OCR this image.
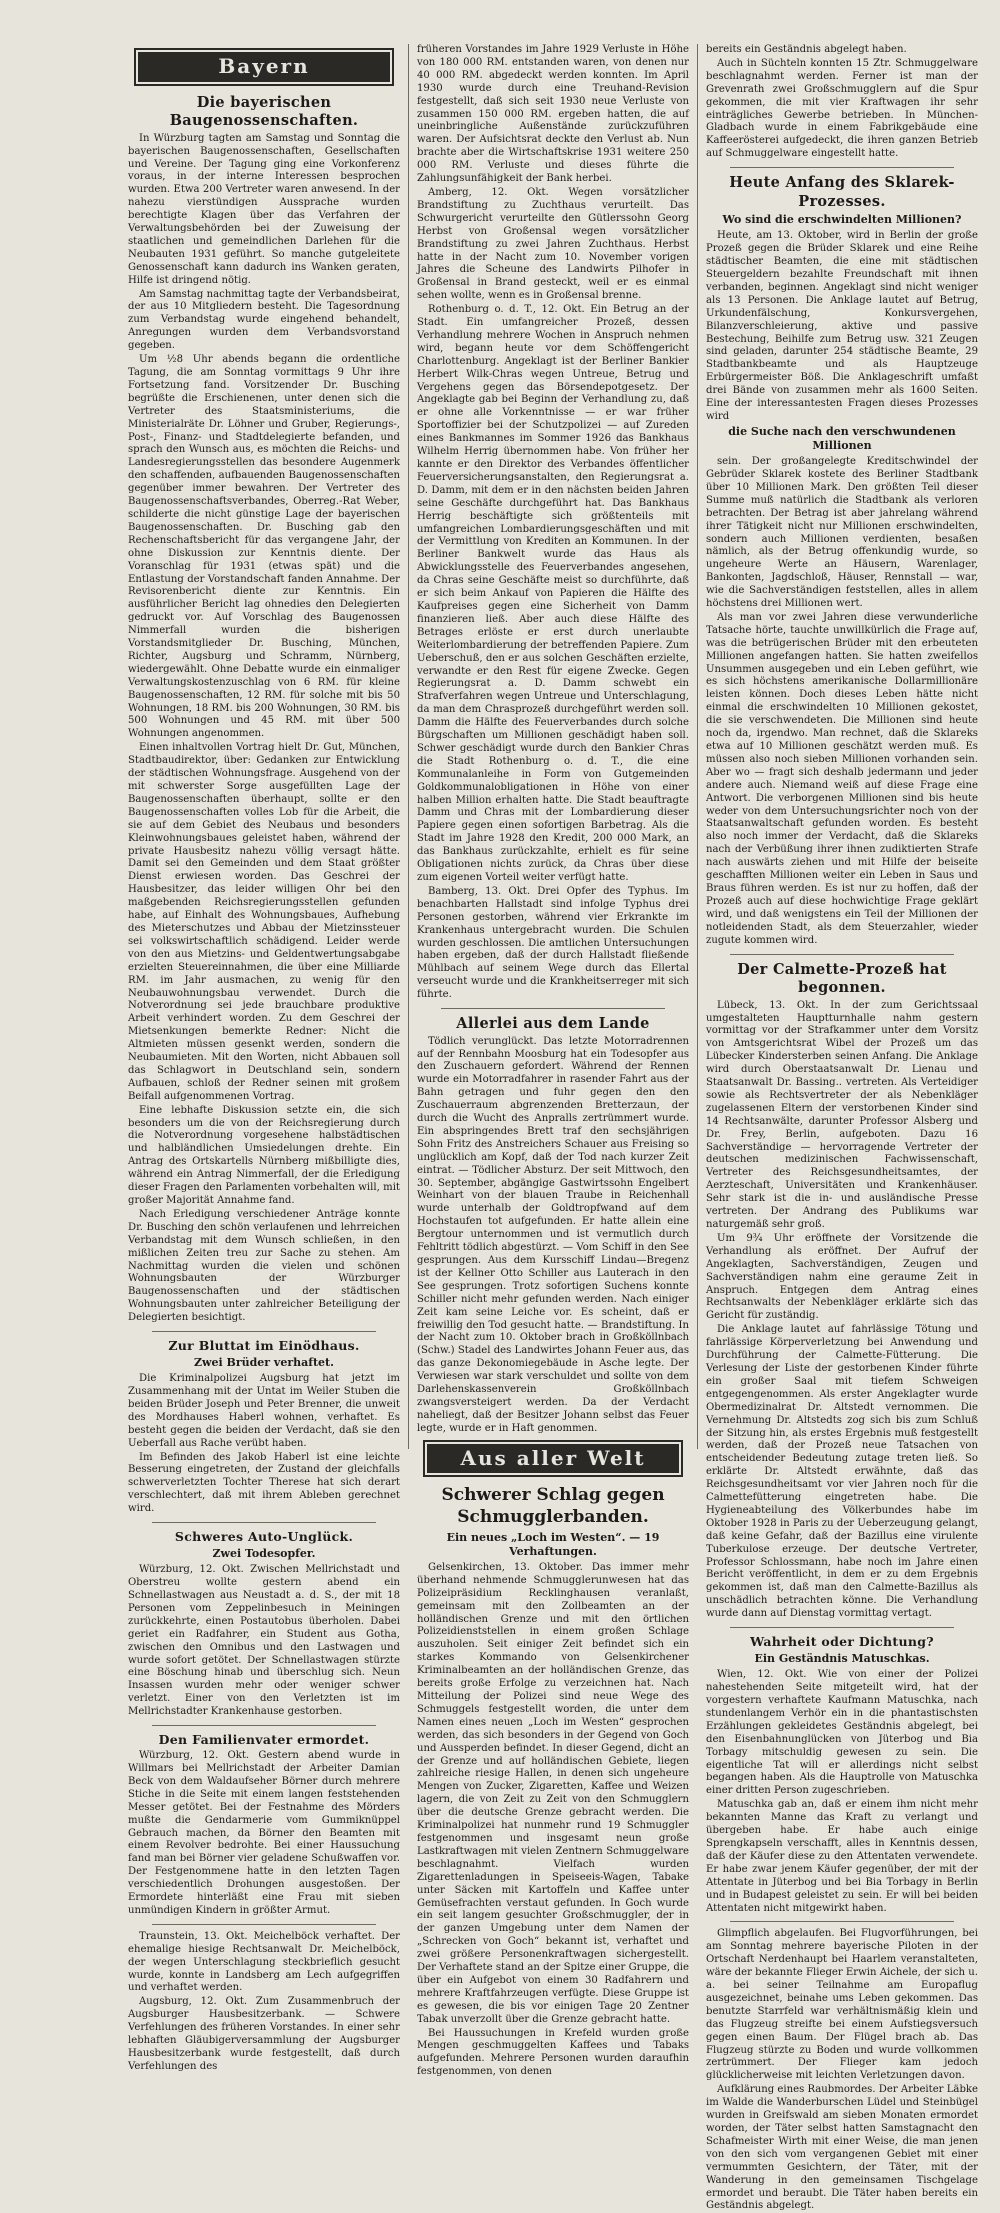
Bayern
Die bayerischen Baugenossenschaften.

In Würzburg tagten am Samstag und Sonntag die bayerischen Baugenossenschaften, Gesellschaften und Vereine. Der Tagung ging eine Vorkonferenz voraus, in der interne Interessen besprochen wurden. Etwa 200 Vertreter waren anwesend. In der nahezu vierstündigen Aussprache wurden berechtigte Klagen über das Verfahren der Verwaltungsbehörden bei der Zuweisung der staatlichen und gemeindlichen Darlehen für die Neubauten 1931 geführt. So manche gutgeleitete Genossenschaft kann dadurch ins Wanken geraten, Hilfe ist dringend nötig.

Am Samstag nachmittag tagte der Verbandsbeirat, der aus 10 Mitgliedern besteht. Die Tagesordnung zum Verbandstag wurde eingehend behandelt, Anregungen wurden dem Verbandsvorstand gegeben.

Um ½8 Uhr abends begann die ordentliche Tagung, die am Sonntag vormittags 9 Uhr ihre Fortsetzung fand. Vorsitzender Dr. Busching begrüßte die Erschienenen, unter denen sich die Vertreter des Staatsministeriums, die Ministerialräte Dr. Löhner und Gruber, Regierungs-, Post-, Finanz- und Stadtdelegierte befanden, und sprach den Wunsch aus, es möchten die Reichs- und Landesregierungsstellen das besondere Augenmerk den schaffenden, aufbauenden Baugenossenschaften gegenüber immer bewahren. Der Vertreter des Baugenossenschaftsverbandes, Oberreg.-Rat Weber, schilderte die nicht günstige Lage der bayerischen Baugenossenschaften. Dr. Busching gab den Rechenschaftsbericht für das vergangene Jahr, der ohne Diskussion zur Kenntnis diente. Der Voranschlag für 1931 (etwas spät) und die Entlastung der Vorstandschaft fanden Annahme. Der Revisorenbericht diente zur Kenntnis. Ein ausführlicher Bericht lag ohnedies den Delegierten gedruckt vor. Auf Vorschlag des Baugenossen Nimmerfall wurden die bisherigen Vorstandsmitglieder Dr. Busching, München, Richter, Augsburg und Schramm, Nürnberg, wiedergewählt. Ohne Debatte wurde ein einmaliger Verwaltungskostenzuschlag von 6 RM. für kleine Baugenossenschaften, 12 RM. für solche mit bis 50 Wohnungen, 18 RM. bis 200 Wohnungen, 30 RM. bis 500 Wohnungen und 45 RM. mit über 500 Wohnungen angenommen.

Einen inhaltvollen Vortrag hielt Dr. Gut, München, Stadtbaudirektor, über: Gedanken zur Entwicklung der städtischen Wohnungsfrage. Ausgehend von der mit schwerster Sorge ausgefüllten Lage der Baugenossenschaften überhaupt, sollte er den Baugenossenschaften volles Lob für die Arbeit, die sie auf dem Gebiet des Neubaus und besonders Kleinwohnungsbaues geleistet haben, während der private Hausbesitz nahezu völlig versagt hätte. Damit sei den Gemeinden und dem Staat größter Dienst erwiesen worden. Das Geschrei der Hausbesitzer, das leider willigen Ohr bei den maßgebenden Reichsregierungsstellen gefunden habe, auf Einhalt des Wohnungsbaues, Aufhebung des Mieterschutzes und Abbau der Mietzinssteuer sei volkswirtschaftlich schädigend. Leider werde von den aus Mietzins- und Geldentwertungsabgabe erzielten Steuereinnahmen, die über eine Milliarde RM. im Jahr ausmachen, zu wenig für den Neubauwohnungsbau verwendet. Durch die Notverordnung sei jede brauchbare produktive Arbeit verhindert worden. Zu dem Geschrei der Mietsenkungen bemerkte Redner: Nicht die Altmieten müssen gesenkt werden, sondern die Neubaumieten. Mit den Worten, nicht Abbauen soll das Schlagwort in Deutschland sein, sondern Aufbauen, schloß der Redner seinen mit großem Beifall aufgenommenen Vortrag.

Eine lebhafte Diskussion setzte ein, die sich besonders um die von der Reichsregierung durch die Notverordnung vorgesehene halbstädtischen und halbländlichen Umsiedelungen drehte. Ein Antrag des Ortskartells Nürnberg mißbilligte dies, während ein Antrag Nimmerfall, der die Erledigung dieser Fragen den Parlamenten vorbehalten will, mit großer Majorität Annahme fand.

Nach Erledigung verschiedener Anträge konnte Dr. Busching den schön verlaufenen und lehrreichen Verbandstag mit dem Wunsch schließen, in den mißlichen Zeiten treu zur Sache zu stehen. Am Nachmittag wurden die vielen und schönen Wohnungsbauten der Würzburger Baugenossenschaften und der städtischen Wohnungsbauten unter zahlreicher Beteiligung der Delegierten besichtigt.

Zur Bluttat im Einödhaus.
Zwei Brüder verhaftet.

Die Kriminalpolizei Augsburg hat jetzt im Zusammenhang mit der Untat im Weiler Stuben die beiden Brüder Joseph und Peter Brenner, die unweit des Mordhauses Haberl wohnen, verhaftet. Es besteht gegen die beiden der Verdacht, daß sie den Ueberfall aus Rache verübt haben.

Im Befinden des Jakob Haberl ist eine leichte Besserung eingetreten, der Zustand der gleichfalls schwerverletzten Tochter Therese hat sich derart verschlechtert, daß mit ihrem Ableben gerechnet wird.

Schweres Auto-Unglück.
Zwei Todesopfer.

Würzburg, 12. Okt. Zwischen Mellrichstadt und Oberstreu wollte gestern abend ein Schnellastwagen aus Neustadt a. d. S., der mit 18 Personen vom Zeppelinbesuch in Meiningen zurückkehrte, einen Postautobus überholen. Dabei geriet ein Radfahrer, ein Student aus Gotha, zwischen den Omnibus und den Lastwagen und wurde sofort getötet. Der Schnellastwagen stürzte eine Böschung hinab und überschlug sich. Neun Insassen wurden mehr oder weniger schwer verletzt. Einer von den Verletzten ist im Mellrichstadter Krankenhause gestorben.

Den Familienvater ermordet.

Würzburg, 12. Okt. Gestern abend wurde in Willmars bei Mellrichstadt der Arbeiter Damian Beck von dem Waldaufseher Börner durch mehrere Stiche in die Seite mit einem langen feststehenden Messer getötet. Bei der Festnahme des Mörders mußte die Gendarmerie vom Gummiknüppel Gebrauch machen, da Börner den Beamten mit einem Revolver bedrohte. Bei einer Haussuchung fand man bei Börner vier geladene Schußwaffen vor. Der Festgenommene hatte in den letzten Tagen verschiedentlich Drohungen ausgestoßen. Der Ermordete hinterläßt eine Frau mit sieben unmündigen Kindern in größter Armut.

Traunstein, 13. Okt. Meichelböck verhaftet. Der ehemalige hiesige Rechtsanwalt Dr. Meichelböck, der wegen Unterschlagung steckbrieflich gesucht wurde, konnte in Landsberg am Lech aufgegriffen und verhaftet werden.

Augsburg, 12. Okt. Zum Zusammenbruch der Augsburger Hausbesitzerbank. — Schwere Verfehlungen des früheren Vorstandes. In einer sehr lebhaften Gläubigerversammlung der Augsburger Hausbesitzerbank wurde festgestellt, daß durch Verfehlungen des

früheren Vorstandes im Jahre 1929 Verluste in Höhe von 180 000 RM. entstanden waren, von denen nur 40 000 RM. abgedeckt werden konnten. Im April 1930 wurde durch eine Treuhand-Revision festgestellt, daß sich seit 1930 neue Verluste von zusammen 150 000 RM. ergeben hatten, die auf uneinbringliche Außenstände zurückzuführen waren. Der Aufsichtsrat deckte den Verlust ab. Nun brachte aber die Wirtschaftskrise 1931 weitere 250 000 RM. Verluste und dieses führte die Zahlungsunfähigkeit der Bank herbei.

Amberg, 12. Okt. Wegen vorsätzlicher Brandstiftung zu Zuchthaus verurteilt. Das Schwurgericht verurteilte den Gütlerssohn Georg Herbst von Großensal wegen vorsätzlicher Brandstiftung zu zwei Jahren Zuchthaus. Herbst hatte in der Nacht zum 10. November vorigen Jahres die Scheune des Landwirts Pilhofer in Großensal in Brand gesteckt, weil er es einmal sehen wollte, wenn es in Großensal brenne.

Rothenburg o. d. T., 12. Okt. Ein Betrug an der Stadt. Ein umfangreicher Prozeß, dessen Verhandlung mehrere Wochen in Anspruch nehmen wird, begann heute vor dem Schöffengericht Charlottenburg. Angeklagt ist der Berliner Bankier Herbert Wilk-Chras wegen Untreue, Betrug und Vergehens gegen das Börsendepotgesetz. Der Angeklagte gab bei Beginn der Verhandlung zu, daß er ohne alle Vorkenntnisse — er war früher Sportoffizier bei der Schutzpolizei — auf Zureden eines Bankmannes im Sommer 1926 das Bankhaus Wilhelm Herrig übernommen habe. Von früher her kannte er den Direktor des Verbandes öffentlicher Feuerversicherungsanstalten, den Regierungsrat a. D. Damm, mit dem er in den nächsten beiden Jahren seine Geschäfte durchgeführt hat. Das Bankhaus Herrig beschäftigte sich größtenteils mit umfangreichen Lombardierungsgeschäften und mit der Vermittlung von Krediten an Kommunen. In der Berliner Bankwelt wurde das Haus als Abwicklungsstelle des Feuerverbandes angesehen, da Chras seine Geschäfte meist so durchführte, daß er sich beim Ankauf von Papieren die Hälfte des Kaufpreises gegen eine Sicherheit von Damm finanzieren ließ. Aber auch diese Hälfte des Betrages erlöste er erst durch unerlaubte Weiterlombardierung der betreffenden Papiere. Zum Ueberschuß, den er aus solchen Geschäften erzielte, verwandte er den Rest für eigene Zwecke. Gegen Regierungsrat a. D. Damm schwebt ein Strafverfahren wegen Untreue und Unterschlagung, da man dem Chrasprozeß durchgeführt werden soll. Damm die Hälfte des Feuerverbandes durch solche Bürgschaften um Millionen geschädigt haben soll. Schwer geschädigt wurde durch den Bankier Chras die Stadt Rothenburg o. d. T., die eine Kommunalanleihe in Form von Gutgemeinden Goldkommunalobligationen in Höhe von einer halben Million erhalten hatte. Die Stadt beauftragte Damm und Chras mit der Lombardierung dieser Papiere gegen einen sofortigen Barbetrag. Als die Stadt im Jahre 1928 den Kredit, 200 000 Mark, an das Bankhaus zurückzahlte, erhielt es für seine Obligationen nichts zurück, da Chras über diese zum eigenen Vorteil weiter verfügt hatte.

Bamberg, 13. Okt. Drei Opfer des Typhus. Im benachbarten Hallstadt sind infolge Typhus drei Personen gestorben, während vier Erkrankte im Krankenhaus untergebracht wurden. Die Schulen wurden geschlossen. Die amtlichen Untersuchungen haben ergeben, daß der durch Hallstadt fließende Mühlbach auf seinem Wege durch das Ellertal verseucht wurde und die Krankheitserreger mit sich führte.

Allerlei aus dem Lande

Tödlich verunglückt. Das letzte Motorradrennen auf der Rennbahn Moosburg hat ein Todesopfer aus den Zuschauern gefordert. Während der Rennen wurde ein Motorradfahrer in rasender Fahrt aus der Bahn getragen und fuhr gegen den den Zuschauerraum abgrenzenden Bretterzaun, der durch die Wucht des Anpralls zertrümmert wurde. Ein abspringendes Brett traf den sechsjährigen Sohn Fritz des Anstreichers Schauer aus Freising so unglücklich am Kopf, daß der Tod nach kurzer Zeit eintrat. — Tödlicher Absturz. Der seit Mittwoch, den 30. September, abgängige Gastwirtssohn Engelbert Weinhart von der blauen Traube in Reichenhall wurde unterhalb der Goldtropfwand auf dem Hochstaufen tot aufgefunden. Er hatte allein eine Bergtour unternommen und ist vermutlich durch Fehltritt tödlich abgestürzt. — Vom Schiff in den See gesprungen. Aus dem Kursschiff Lindau—Bregenz ist der Kellner Otto Schiller aus Lauterach in den See gesprungen. Trotz sofortigen Suchens konnte Schiller nicht mehr gefunden werden. Nach einiger Zeit kam seine Leiche vor. Es scheint, daß er freiwillig den Tod gesucht hatte. — Brandstiftung. In der Nacht zum 10. Oktober brach in Großköllnbach (Schw.) Stadel des Landwirtes Johann Feuer aus, das das ganze Dekonomiegebäude in Asche legte. Der Verwiesen war stark verschuldet und sollte von dem Darlehenskassenverein Großköllnbach zwangsversteigert werden. Da der Verdacht naheliegt, daß der Besitzer Johann selbst das Feuer legte, wurde er in Haft genommen.

Aus aller Welt
Schwerer Schlag gegen Schmugglerbanden.
Ein neues „Loch im Westen“. — 19 Verhaftungen.

Gelsenkirchen, 13. Oktober. Das immer mehr überhand nehmende Schmugglerunwesen hat das Polizeipräsidium Recklinghausen veranlaßt, gemeinsam mit den Zollbeamten an der holländischen Grenze und mit den örtlichen Polizeidienststellen in einem großen Schlage auszuholen. Seit einiger Zeit befindet sich ein starkes Kommando von Gelsenkirchener Kriminalbeamten an der holländischen Grenze, das bereits große Erfolge zu verzeichnen hat. Nach Mitteilung der Polizei sind neue Wege des Schmuggels festgestellt worden, die unter dem Namen eines neuen „Loch im Westen“ gesprochen werden, das sich besonders in der Gegend von Goch und Aussperden befindet. In dieser Gegend, dicht an der Grenze und auf holländischen Gebiete, liegen zahlreiche riesige Hallen, in denen sich ungeheure Mengen von Zucker, Zigaretten, Kaffee und Weizen lagern, die von Zeit zu Zeit von den Schmugglern über die deutsche Grenze gebracht werden. Die Kriminalpolizei hat nunmehr rund 19 Schmuggler festgenommen und insgesamt neun große Lastkraftwagen mit vielen Zentnern Schmuggelware beschlagnahmt. Vielfach wurden Zigarettenladungen in Speiseeis-Wagen, Tabake unter Säcken mit Kartoffeln und Kaffee unter Gemüsefrachten verstaut gefunden. In Goch wurde ein seit langem gesuchter Großschmuggler, der in der ganzen Umgebung unter dem Namen der „Schrecken von Goch“ bekannt ist, verhaftet und zwei größere Personenkraftwagen sichergestellt. Der Verhaftete stand an der Spitze einer Gruppe, die über ein Aufgebot von einem 30 Radfahrern und mehrere Kraftfahrzeugen verfügte. Diese Gruppe ist es gewesen, die bis vor einigen Tage 20 Zentner Tabak unverzollt über die Grenze gebracht hatte.

Bei Haussuchungen in Krefeld wurden große Mengen geschmuggelten Kaffees und Tabaks aufgefunden. Mehrere Personen wurden daraufhin festgenommen, von denen

bereits ein Geständnis abgelegt haben.

Auch in Süchteln konnten 15 Ztr. Schmuggelware beschlagnahmt werden. Ferner ist man der Grevenrath zwei Großschmugglern auf die Spur gekommen, die mit vier Kraftwagen ihr sehr einträgliches Gewerbe betrieben. In München-Gladbach wurde in einem Fabrikgebäude eine Kaffeerösterei aufgedeckt, die ihren ganzen Betrieb auf Schmuggelware eingestellt hatte.

Heute Anfang des Sklarek-Prozesses.
Wo sind die erschwindelten Millionen?

Heute, am 13. Oktober, wird in Berlin der große Prozeß gegen die Brüder Sklarek und eine Reihe städtischer Beamten, die eine mit städtischen Steuergeldern bezahlte Freundschaft mit ihnen verbanden, beginnen. Angeklagt sind nicht weniger als 13 Personen. Die Anklage lautet auf Betrug, Urkundenfälschung, Konkursvergehen, Bilanzverschleierung, aktive und passive Bestechung, Beihilfe zum Betrug usw. 321 Zeugen sind geladen, darunter 254 städtische Beamte, 29 Stadtbankbeamte und als Hauptzeuge Erbürgermeister Böß. Die Anklageschrift umfaßt drei Bände von zusammen mehr als 1600 Seiten. Eine der interessantesten Fragen dieses Prozesses wird

die Suche nach den verschwundenen Millionen

sein. Der großangelegte Kreditschwindel der Gebrüder Sklarek kostete des Berliner Stadtbank über 10 Millionen Mark. Den größten Teil dieser Summe muß natürlich die Stadtbank als verloren betrachten. Der Betrag ist aber jahrelang während ihrer Tätigkeit nicht nur Millionen erschwindelten, sondern auch Millionen verdienten, besaßen nämlich, als der Betrug offenkundig wurde, so ungeheure Werte an Häusern, Warenlager, Bankonten, Jagdschloß, Häuser, Rennstall — war, wie die Sachverständigen feststellen, alles in allem höchstens drei Millionen wert.

Als man vor zwei Jahren diese verwunderliche Tatsache hörte, tauchte unwillkürlich die Frage auf, was die betrügerischen Brüder mit den erbeuteten Millionen angefangen hatten. Sie hatten zweifellos Unsummen ausgegeben und ein Leben geführt, wie es sich höchstens amerikanische Dollarmillionäre leisten können. Doch dieses Leben hätte nicht einmal die erschwindelten 10 Millionen gekostet, die sie verschwendeten. Die Millionen sind heute noch da, irgendwo. Man rechnet, daß die Sklareks etwa auf 10 Millionen geschätzt werden muß. Es müssen also noch sieben Millionen vorhanden sein. Aber wo — fragt sich deshalb jedermann und jeder andere auch. Niemand weiß auf diese Frage eine Antwort. Die verborgenen Millionen sind bis heute weder von dem Untersuchungsrichter noch von der Staatsanwaltschaft gefunden worden. Es besteht also noch immer der Verdacht, daß die Sklareks nach der Verbüßung ihrer ihnen zudiktierten Strafe nach auswärts ziehen und mit Hilfe der beiseite geschafften Millionen weiter ein Leben in Saus und Braus führen werden. Es ist nur zu hoffen, daß der Prozeß auch auf diese hochwichtige Frage geklärt wird, und daß wenigstens ein Teil der Millionen der notleidenden Stadt, als dem Steuerzahler, wieder zugute kommen wird.

Der Calmette-Prozeß hat begonnen.

Lübeck, 13. Okt. In der zum Gerichtssaal umgestalteten Hauptturnhalle nahm gestern vormittag vor der Strafkammer unter dem Vorsitz von Amtsgerichtsrat Wibel der Prozeß um das Lübecker Kindersterben seinen Anfang. Die Anklage wird durch Oberstaatsanwalt Dr. Lienau und Staatsanwalt Dr. Bassing.. vertreten. Als Verteidiger sowie als Rechtsvertreter der als Nebenkläger zugelassenen Eltern der verstorbenen Kinder sind 14 Rechtsanwälte, darunter Professor Alsberg und Dr. Frey, Berlin, aufgeboten. Dazu 16 Sachverständige — hervorragende Vertreter der deutschen medizinischen Fachwissenschaft, Vertreter des Reichsgesundheitsamtes, der Aerzteschaft, Universitäten und Krankenhäuser. Sehr stark ist die in- und ausländische Presse vertreten. Der Andrang des Publikums war naturgemäß sehr groß.

Um 9¾ Uhr eröffnete der Vorsitzende die Verhandlung als eröffnet. Der Aufruf der Angeklagten, Sachverständigen, Zeugen und Sachverständigen nahm eine geraume Zeit in Anspruch. Entgegen dem Antrag eines Rechtsanwalts der Nebenkläger erklärte sich das Gericht für zuständig.

Die Anklage lautet auf fahrlässige Tötung und fahrlässige Körperverletzung bei Anwendung und Durchführung der Calmette-Fütterung. Die Verlesung der Liste der gestorbenen Kinder führte ein großer Saal mit tiefem Schweigen entgegengenommen. Als erster Angeklagter wurde Obermedizinalrat Dr. Altstedt vernommen. Die Vernehmung Dr. Altstedts zog sich bis zum Schluß der Sitzung hin, als erstes Ergebnis muß festgestellt werden, daß der Prozeß neue Tatsachen von entscheidender Bedeutung zutage treten ließ. So erklärte Dr. Altstedt erwähnte, daß das Reichsgesundheitsamt vor vier Jahren noch für die Calmettefütterung eingetreten habe. Die Hygieneabteilung des Völkerbundes habe im Oktober 1928 in Paris zu der Ueberzeugung gelangt, daß keine Gefahr, daß der Bazillus eine virulente Tuberkulose erzeuge. Der deutsche Vertreter, Professor Schlossmann, habe noch im Jahre einen Bericht veröffentlicht, in dem er zu dem Ergebnis gekommen ist, daß man den Calmette-Bazillus als unschädlich betrachten könne. Die Verhandlung wurde dann auf Dienstag vormittag vertagt.

Wahrheit oder Dichtung?
Ein Geständnis Matuschkas.

Wien, 12. Okt. Wie von einer der Polizei nahestehenden Seite mitgeteilt wird, hat der vorgestern verhaftete Kaufmann Matuschka, nach stundenlangem Verhör ein in die phantastischsten Erzählungen gekleidetes Geständnis abgelegt, bei den Eisenbahnunglücken von Jüterbog und Bia Torbagy mitschuldig gewesen zu sein. Die eigentliche Tat will er allerdings nicht selbst begangen haben. Als die Hauptrolle von Matuschka einer dritten Person zugeschrieben.

Matuschka gab an, daß er einem ihm nicht mehr bekannten Manne das Kraft zu verlangt und übergeben habe. Er habe auch einige Sprengkapseln verschafft, alles in Kenntnis dessen, daß der Käufer diese zu den Attentaten verwendete. Er habe zwar jenem Käufer gegenüber, der mit der Attentate in Jüterbog und bei Bia Torbagy in Berlin und in Budapest geleistet zu sein. Er will bei beiden Attentaten nicht mitgewirkt haben.

Glimpflich abgelaufen. Bei Flugvorführungen, bei am Sonntag mehrere bayerische Piloten in der Ortschaft Nerdenhaupt bei Haarlem veranstalteten, wäre der bekannte Flieger Erwin Aichele, der sich u. a. bei seiner Teilnahme am Europaflug ausgezeichnet, beinahe ums Leben gekommen. Das benutzte Starrfeld war verhältnismäßig klein und das Flugzeug streifte bei einem Aufstiegsversuch gegen einen Baum. Der Flügel brach ab. Das Flugzeug stürzte zu Boden und wurde vollkommen zertrümmert. Der Flieger kam jedoch glücklicherweise mit leichten Verletzungen davon.

Aufklärung eines Raubmordes. Der Arbeiter Läbke im Walde die Wanderburschen Lüdel und Steinbügel wurden in Greifswald am sieben Monaten ermordet worden, der Täter selbst hatten Samstagnacht den Schafmeister Wirth mit einer Weise, die man jenen von den sich vom vergangenen Gebiet mit einer vermummten Gesichtern, der Täter, mit der Wanderung in den gemeinsamen Tischgelage ermordet und beraubt. Die Täter haben bereits ein Geständnis abgelegt.
